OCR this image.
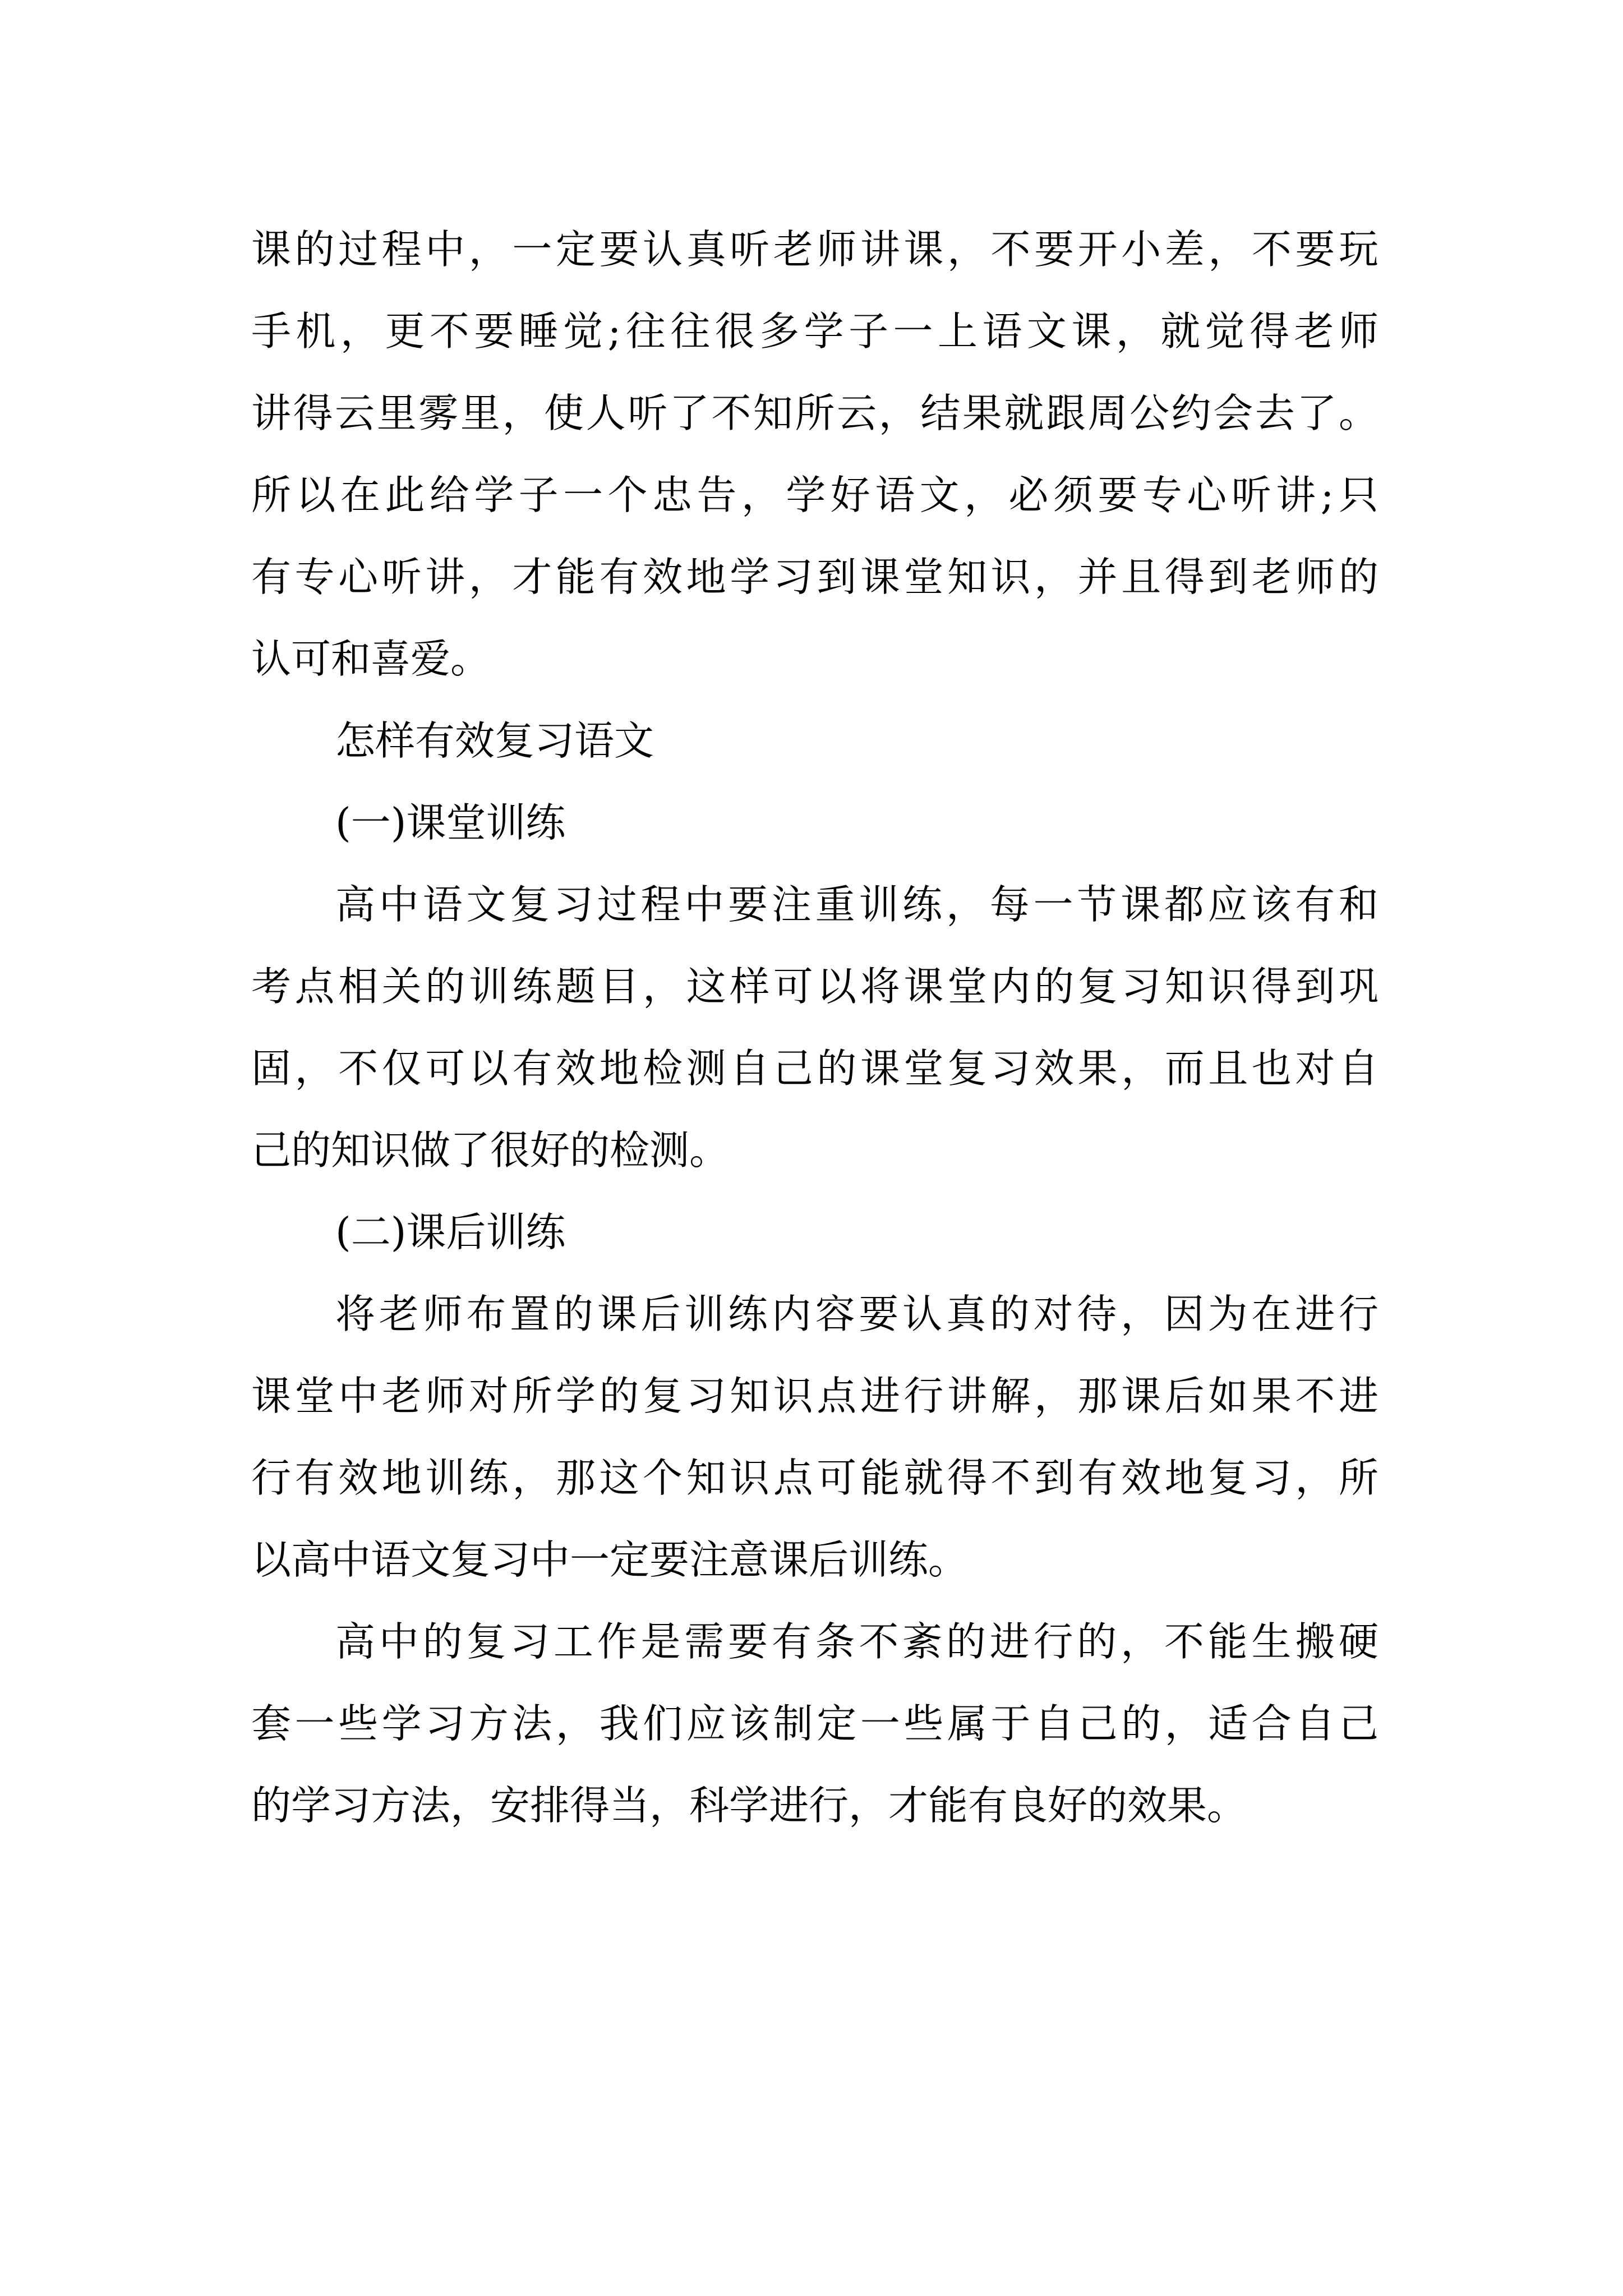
课的过程中，一定要认真听老师讲课，不要开小差，不要玩
手机，更不要睡觉;往往很多学子一上语文课，就觉得老师
讲得云里雾里，使人听了不知所云，结果就跟周公约会去了。
所以在此给学子一个忠告，学好语文，必须要专心听讲;只
有专心听讲，才能有效地学习到课堂知识，并且得到老师的
认可和喜爱。
怎样有效复习语文
(一)课堂训练
高中语文复习过程中要注重训练，每一节课都应该有和
考点相关的训练题目，这样可以将课堂内的复习知识得到巩
固，不仅可以有效地检测自己的课堂复习效果，而且也对自
己的知识做了很好的检测。
(二)课后训练
将老师布置的课后训练内容要认真的对待，因为在进行
课堂中老师对所学的复习知识点进行讲解，那课后如果不进
行有效地训练，那这个知识点可能就得不到有效地复习，所
以高中语文复习中一定要注意课后训练。
高中的复习工作是需要有条不紊的进行的，不能生搬硬
套一些学习方法，我们应该制定一些属于自己的，适合自己
的学习方法，安排得当，科学进行，才能有良好的效果。
